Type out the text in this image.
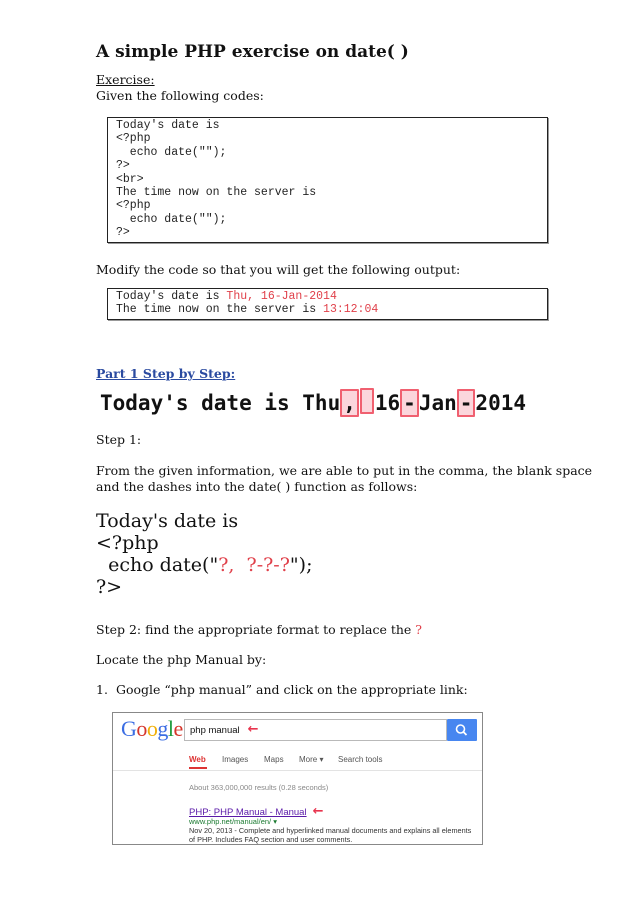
A simple PHP exercise on date( )
Exercise:
Given the following codes:
Today's date is
<?php
echo date("");
?>
<br>
The time now on the server is
<?php
echo date("");
?>
Modify the code so that you will get the following output:
Today's date is Thu, 16-Jan-2014
The time now on the server is 13:12:04
Part 1 Step by Step:
Today's date is Thu , 16 - Jan - 2014
Step 1:
From the given information, we are able to put in the comma, the blank space
and the dashes into the date( ) function as follows:
Today's date is
<?php
echo date("?,  ?-?-?");
?>
Step 2: find the appropriate format to replace the ?
Locate the php Manual by:
1. Google “php manual” and click on the appropriate link:
Google php manual ←
Web Images Maps More ▾ Search tools
About 363,000,000 results (0.28 seconds)
PHP: PHP Manual - Manual ←
www.php.net/manual/en/ ▾
Nov 20, 2013 - Complete and hyperlinked manual documents and explains all elements
of PHP. Includes FAQ section and user comments.
